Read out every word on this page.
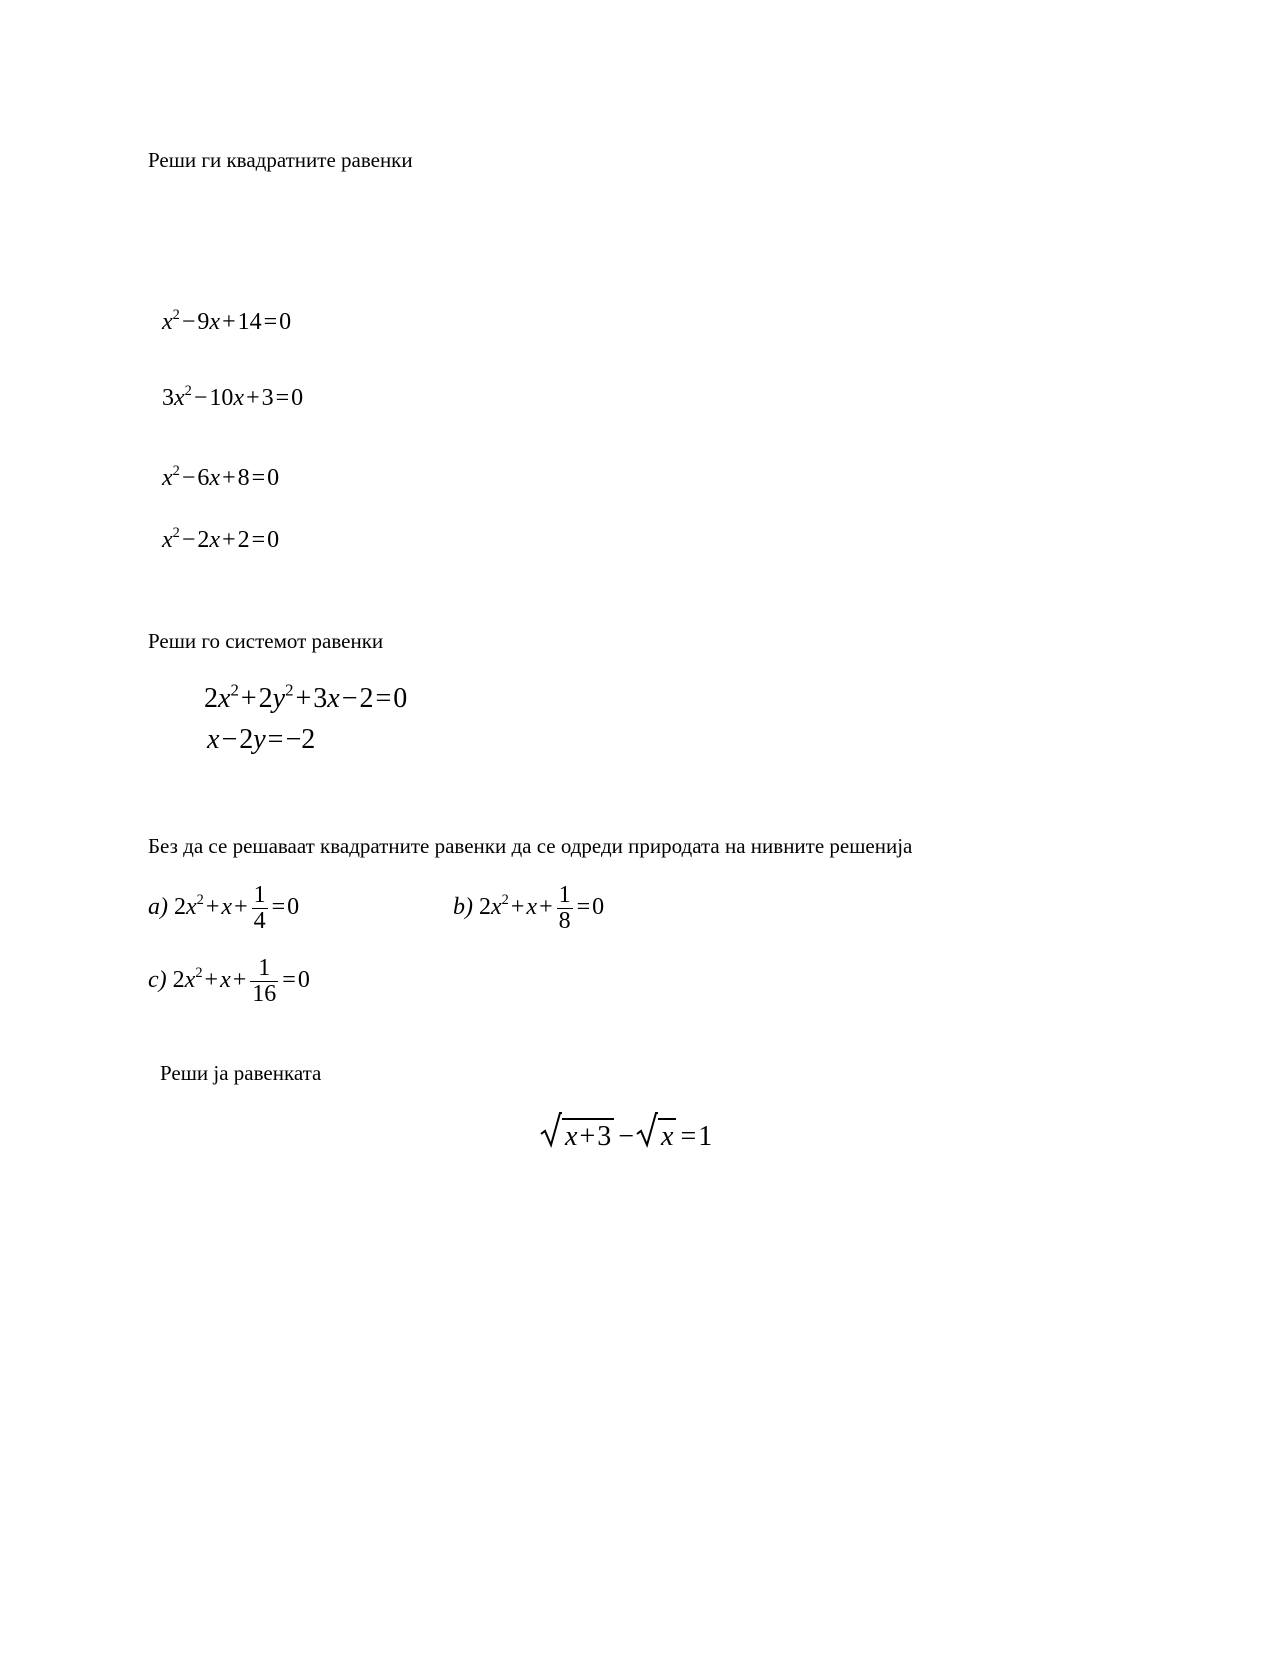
Реши ги квадратните равенки
$x^2-9x+14=0$
$3x^2-10x+3=0$
$x^2-6x+8=0$
$x^2-2x+2=0$
Реши го системот равенки
$2x^2+2y^2+3x-2=0$
x−2y=−2
Без да се решаваат квадратните равенки да се одреди природата на нивните решенија
a) $2x^2+x+ \frac{1}{4} =0$	b) $2x^2+x+ \frac{1}{8} =0$
c) $2x^2+x+ \frac{1}{16} =0$
Реши ја равенката
x+3 − x =1
